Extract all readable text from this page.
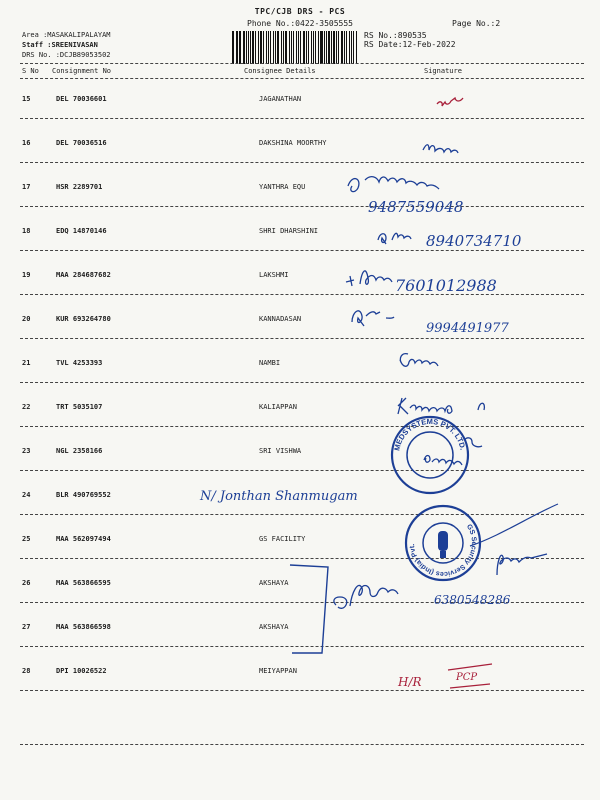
TPC/CJB DRS - PCS
Phone No.:0422-3505555	Page No.:2
Area :MASAKALIPALAYAM
Staff :SREENIVASAN
DRS No. :DCJB89053502
RS No.:890535
RS Date:12-Feb-2022
S No Consignment No	Consignee Details	Signature
15	DEL 70036601	JAGANATHAN
16	DEL 70036516	DAKSHINA MOORTHY
17	HSR 2289701	YANTHRA EQU
18	EDQ 14870146	SHRI DHARSHINI
19	MAA 284687682	LAKSHMI
20	KUR 693264780	KANNADASAN
21	TVL 4253393	NAMBI
22	TRT 5035107	KALIAPPAN
23	NGL 2358166	SRI VISHWA
24	BLR 490769552
25	MAA 562097494	GS FACILITY
26	MAA 563866595	AKSHAYA
27	MAA 563866598	AKSHAYA
28	DPI 10026522	MEIYAPPAN
9487559048
8940734710
7601012988
9994491977
MEDSYSTEMS PVT. LTD.
N/ Jonthan Shanmugam
GS Security Services (India) Pvt.
6380548286
H/R	PCP
